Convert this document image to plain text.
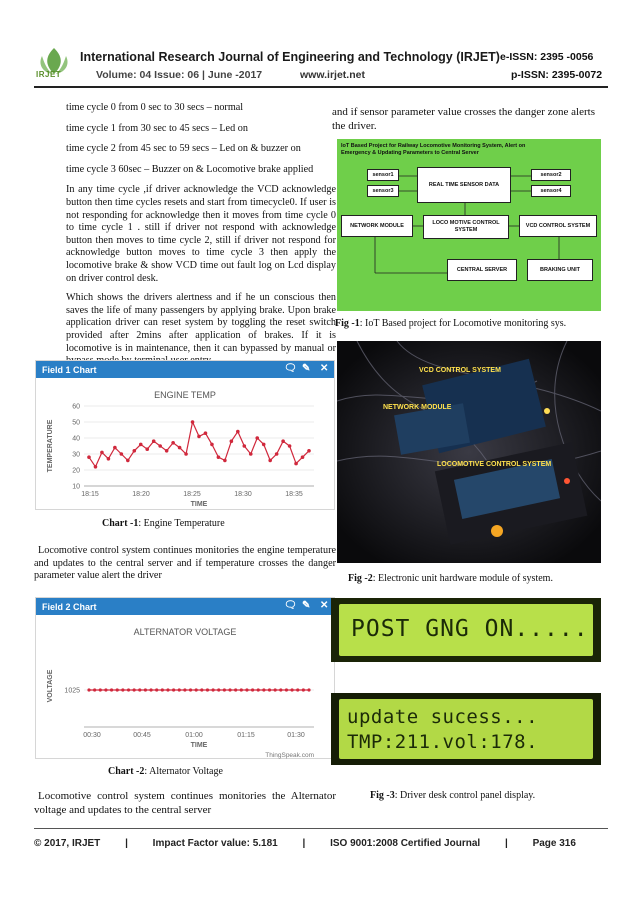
IRJET
International Research Journal of Engineering and Technology (IRJET) e-ISSN: 2395 -0056
Volume: 04 Issue: 06 | June -2017	www.irjet.net	p-ISSN: 2395-0072
time cycle 0 from 0 sec to 30 secs – normal
time cycle 1 from 30 sec to 45 secs – Led on
time cycle 2 from 45 sec to 59 secs – Led on & buzzer on
time cycle 3 60sec – Buzzer on & Locomotive brake applied
In any time cycle ,if driver acknowledge the VCD acknowledge button then time cycles resets and start from timecycle0. If user is not responding for acknowledge then it moves from time cycle 0 to time cycle 1 . still if driver not respond with acknowledge button then moves to time cycle 2, still if driver not respond for acknowledge button moves to time cycle 3 then apply the locomotive brake & show VCD time out fault log on Lcd display on driver control desk.
Which shows the drivers alertness and if he un conscious then saves the life of many passengers by applying brake. Upon brake application driver can reset system by toggling the reset switch provided after 2mins after application of brakes. If it is locomotive is in maintenance, then it can bypassed by manual or
Field 1 Chart	🗨 ✎ ✕
ENGINE TEMP
10
20
30
40
50
60
18:15	18:20	18:25	18:30	18:35
TIME
TEMPERATURE
Chart -1: Engine Temperature
Locomotive control system continues monitories the engine temperature and updates to the central server and if temperature crosses the danger parameter value alert the driver
Field 2 Chart	🗨 ✎ ✕
ALTERNATOR VOLTAGE
1025
00:30	00:45	01:00	01:15	01:30
TIME
VOLTAGE
ThingSpeak.com
Chart -2: Alternator Voltage
Locomotive control system continues monitories the Alternator voltage and updates to the central server
and if sensor parameter value crosses the danger zone alerts the driver.
IoT Based Project for Railway Locomotive Monitoring System, Alert on Emergency & Updating Parameters to Central Server
sensor1
sensor3
REAL TIME SENSOR DATA
sensor2
sensor4
NETWORK MODULE	LOCO MOTIVE CONTROL SYSTEM
VCD CONTROL SYSTEM
CENTRAL SERVER	BRAKING UNIT
Fig -1: IoT Based project for Locomotive monitoring sys.
VCD CONTROL SYSTEM
NETWORK MODULE
LOCOMOTIVE CONTROL SYSTEM
Fig -2: Electronic unit hardware module of system.
POST GNG ON.....
update sucess...
TMP:211.vol:178.
Fig -3: Driver desk control panel display.
© 2017, IRJET | Impact Factor value: 5.181 | ISO 9001:2008 Certified Journal | Page 316
